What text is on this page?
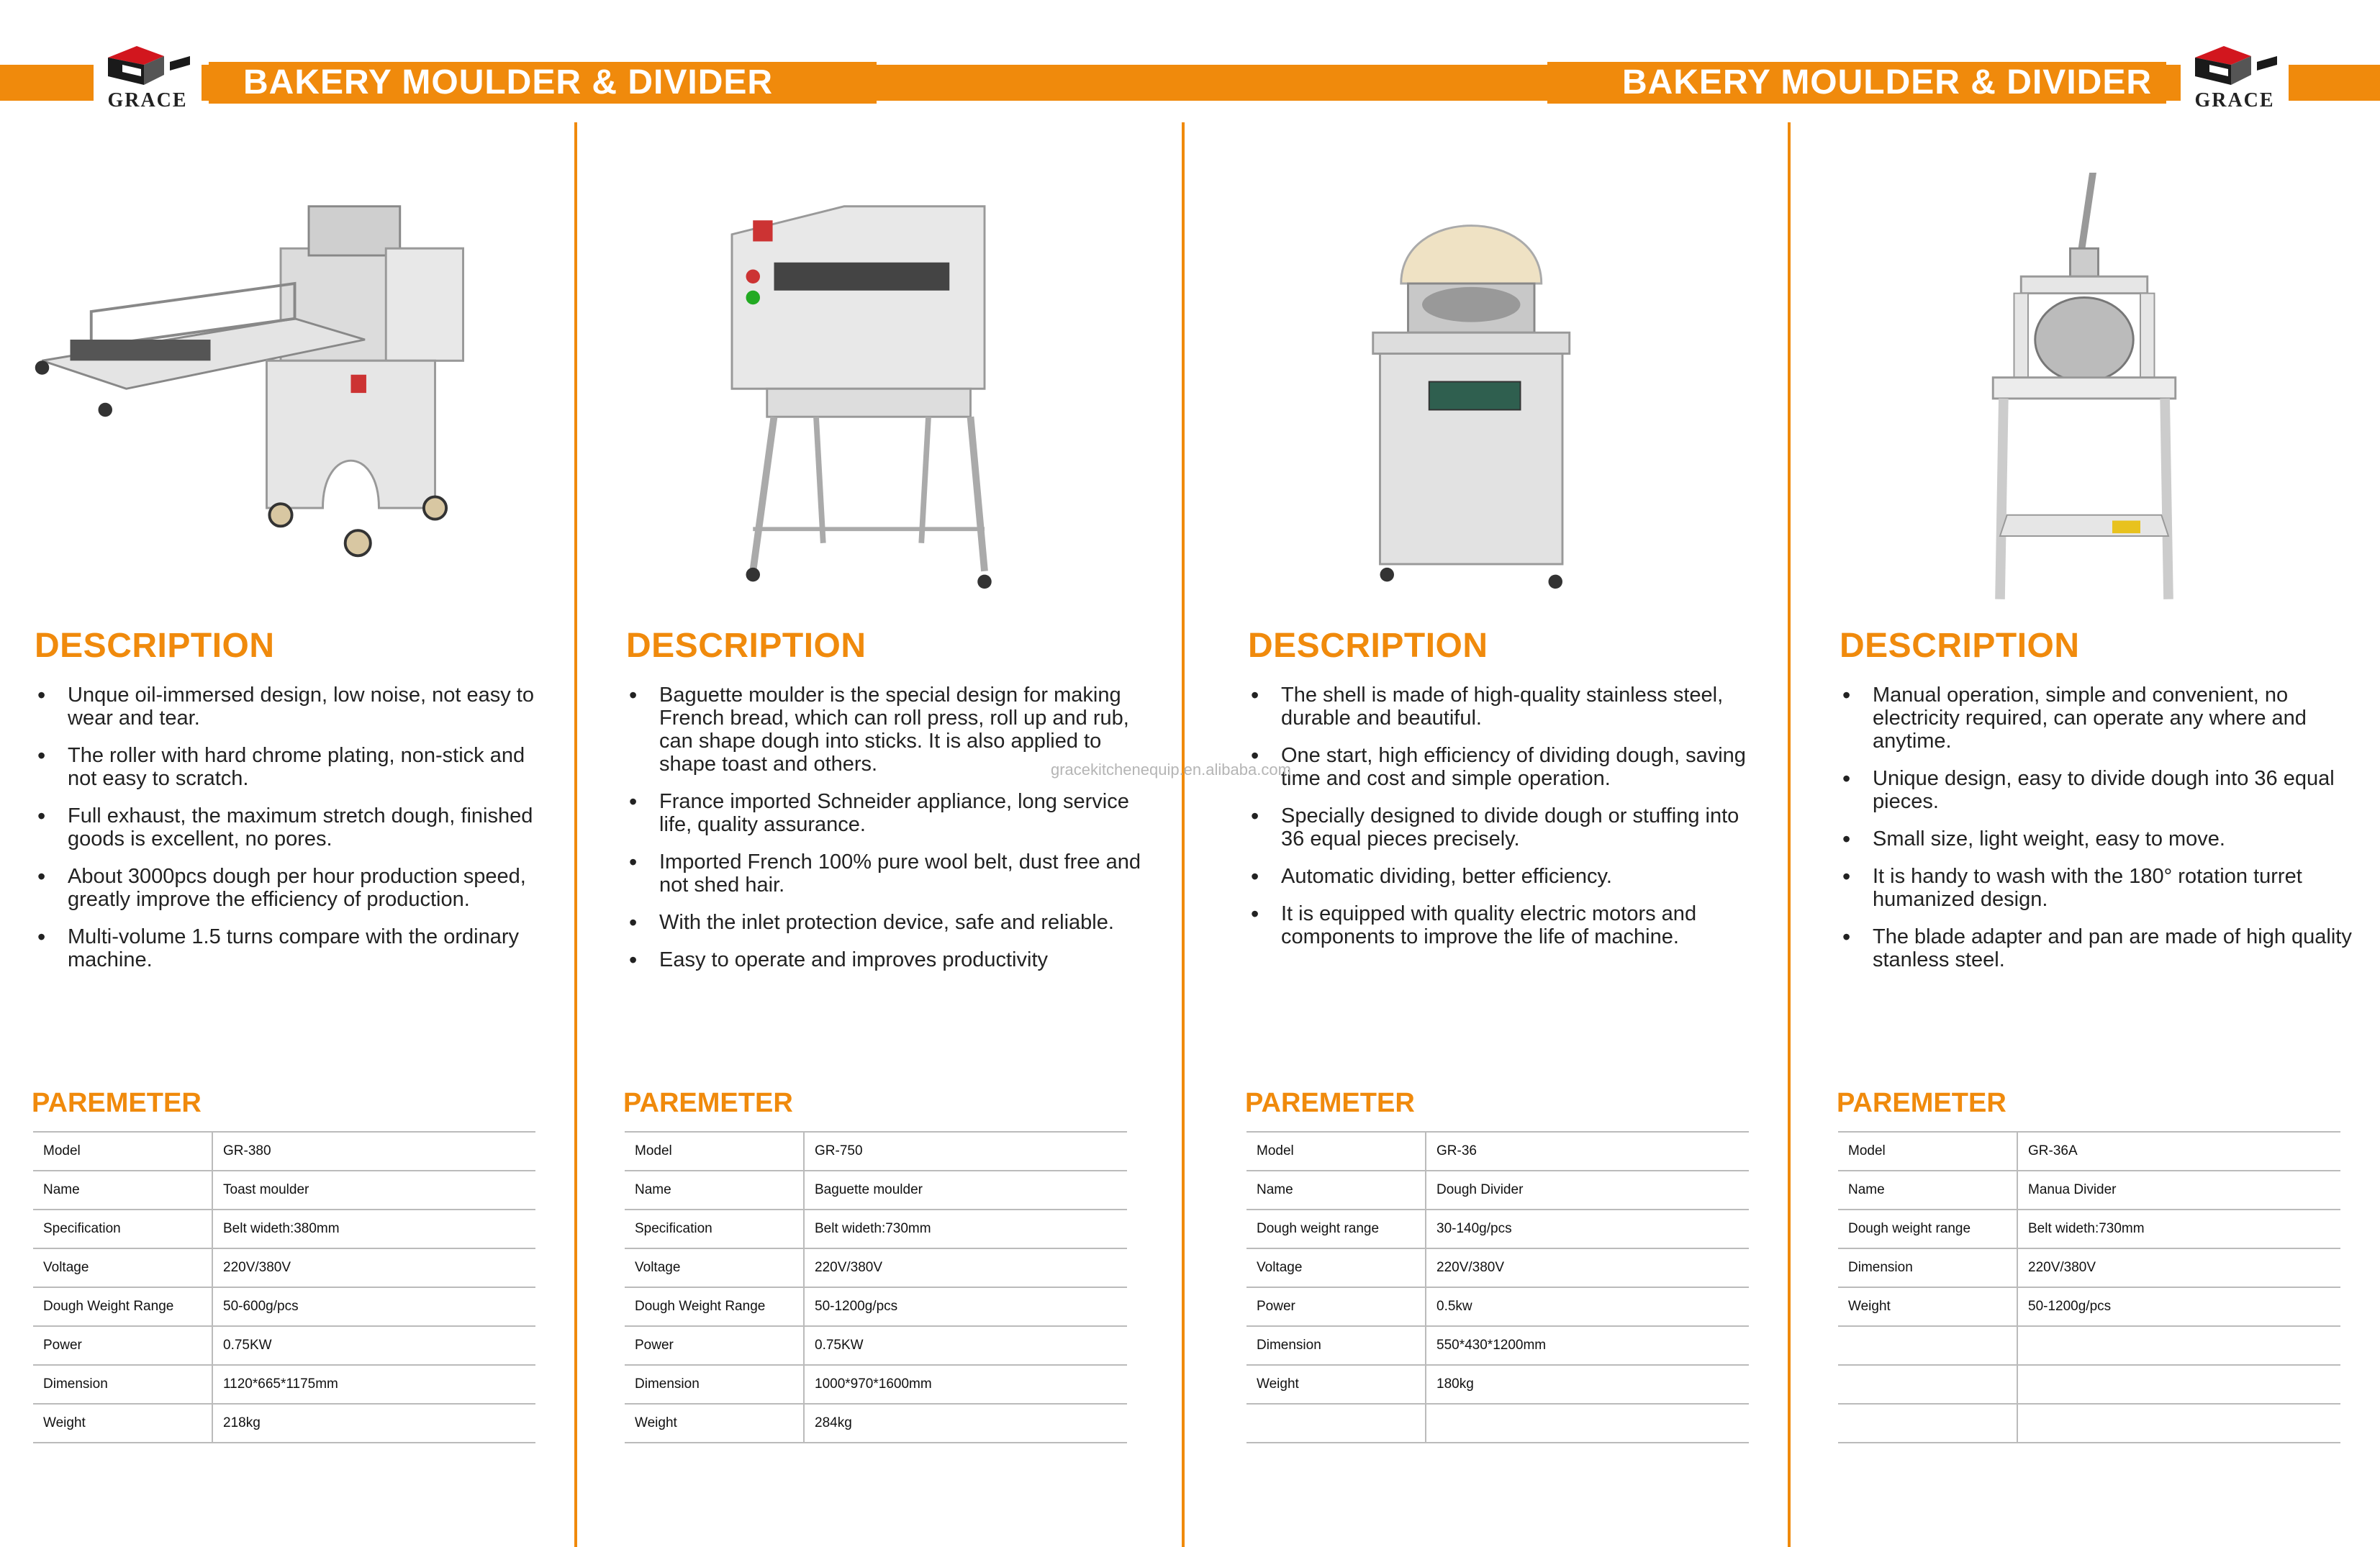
GRACE	BAKERY MOULDER & DIVIDER	BAKERY MOULDER & DIVIDER	GRACE
DESCRIPTION
• Unque oil-immersed design, low noise, not easy to wear and tear.
• The roller with hard chrome plating, non-stick and not easy to scratch.
• Full exhaust, the maximum stretch dough, finished goods is excellent, no pores.
• About 3000pcs dough per hour production speed, greatly improve the efficiency of production.
• Multi-volume 1.5 turns compare with the ordinary machine.
PAREMETER
Model	GR-380
Name	Toast moulder
Specification	Belt wideth:380mm
Voltage	220V/380V
Dough Weight Range	50-600g/pcs
Power	0.75KW
Dimension	1120*665*1175mm
Weight	218kg
DESCRIPTION
• Baguette moulder is the special design for making French bread, which can roll press, roll up and rub, can shape dough into sticks. It is also applied to shape toast and others.
• France imported Schneider appliance, long service life, quality assurance.
• Imported French 100% pure wool belt, dust free and not shed hair.
• With the inlet protection device, safe and reliable.
• Easy to operate and improves productivity
PAREMETER
Model	GR-750
Name	Baguette moulder
Specification	Belt wideth:730mm
Voltage	220V/380V
Dough Weight Range	50-1200g/pcs
Power	0.75KW
Dimension	1000*970*1600mm
Weight	284kg
DESCRIPTION
• The shell is made of high-quality stainless steel, durable and beautiful.
• One start, high efficiency of dividing dough, saving time and cost and simple operation.
• Specially designed to divide dough or stuffing into 36 equal pieces precisely.
• Automatic dividing, better efficiency.
• It is equipped with quality electric motors and components to improve the life of machine.
PAREMETER
Model	GR-36
Name	Dough Divider
Dough weight range	30-140g/pcs
Voltage	220V/380V
Power	0.5kw
Dimension	550*430*1200mm
Weight	180kg

DESCRIPTION
• Manual operation, simple and convenient, no electricity required, can operate any where and anytime.
• Unique design, easy to divide dough into 36 equal pieces.
• Small size, light weight, easy to move.
• It is handy to wash with the 180° rotation turret humanized design.
• The blade adapter and pan are made of high quality stanless steel.
PAREMETER
Model	GR-36A
Name	Manua Divider
Dough weight range	Belt wideth:730mm
Dimension	220V/380V
Weight	50-1200g/pcs

gracekitchenequip.en.alibaba.com
